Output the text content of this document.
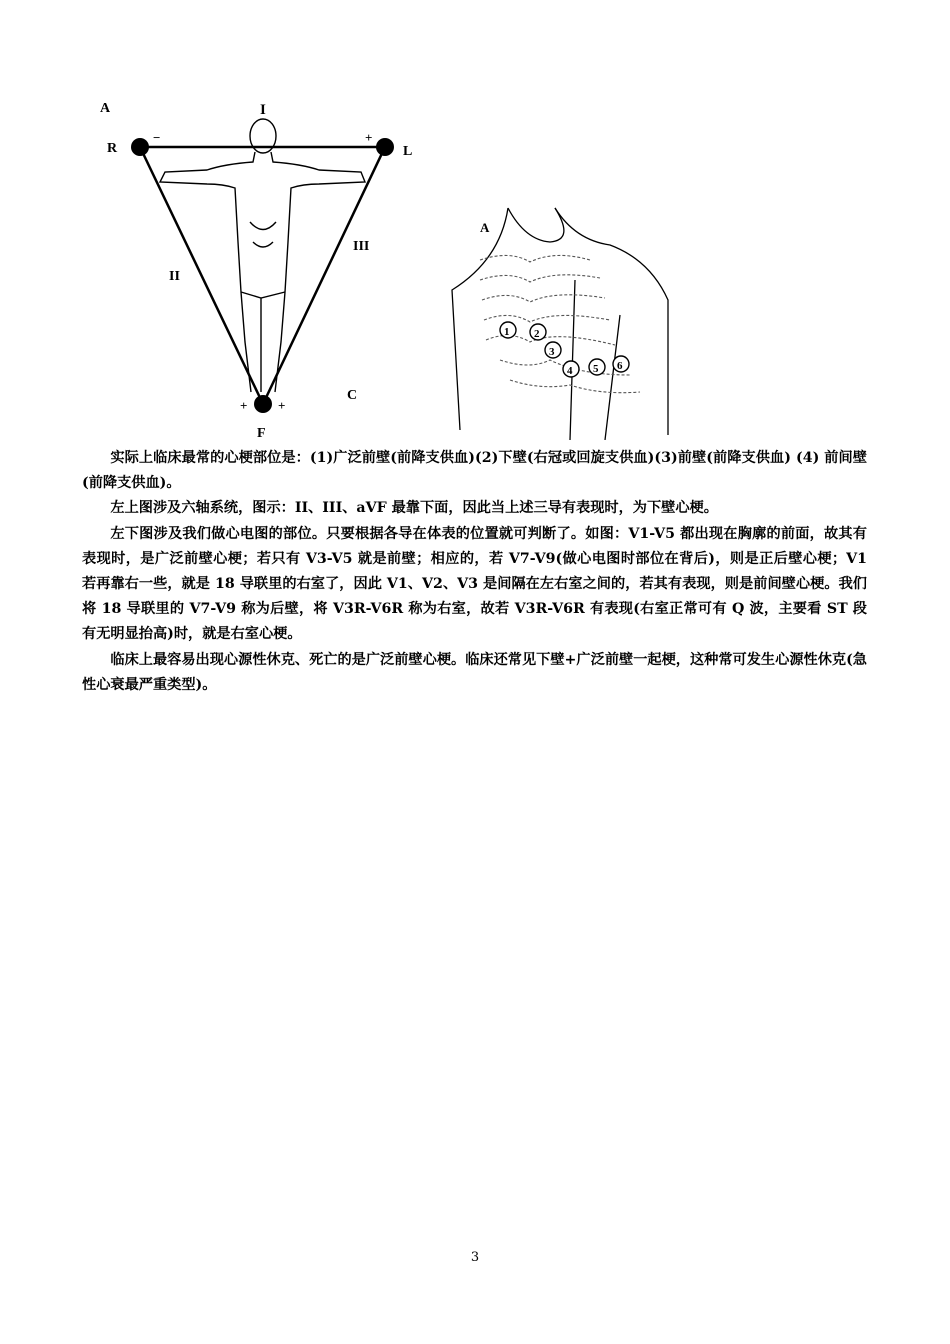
A	I
R	L
−	+
II
III
C
+ +
F
A
1 2
3
4 5 6

实际上临床最常的心梗部位是：(1)广泛前壁(前降支供血)(2)下壁(右冠或回旋支供血)(3)前壁(前降支供血) (4) 前间壁(前降支供血)。

左上图涉及六轴系统，图示：II、III、aVF 最靠下面，因此当上述三导有表现时，为下壁心梗。

左下图涉及我们做心电图的部位。只要根据各导在体表的位置就可判断了。如图：V1-V5 都出现在胸廓的前面，故其有表现时，是广泛前壁心梗；若只有 V3-V5 就是前壁；相应的，若 V7-V9(做心电图时部位在背后)，则是正后壁心梗；V1 若再靠右一些，就是 18 导联里的右室了，因此 V1、V2、V3 是间隔在左右室之间的，若其有表现，则是前间壁心梗。我们将 18 导联里的 V7-V9 称为后壁，将 V3R-V6R 称为右室，故若 V3R-V6R 有表现(右室正常可有 Q 波，主要看 ST 段有无明显抬高)时，就是右室心梗。

临床上最容易出现心源性休克、死亡的是广泛前壁心梗。临床还常见下壁+广泛前壁一起梗，这种常可发生心源性休克(急性心衰最严重类型)。

3
